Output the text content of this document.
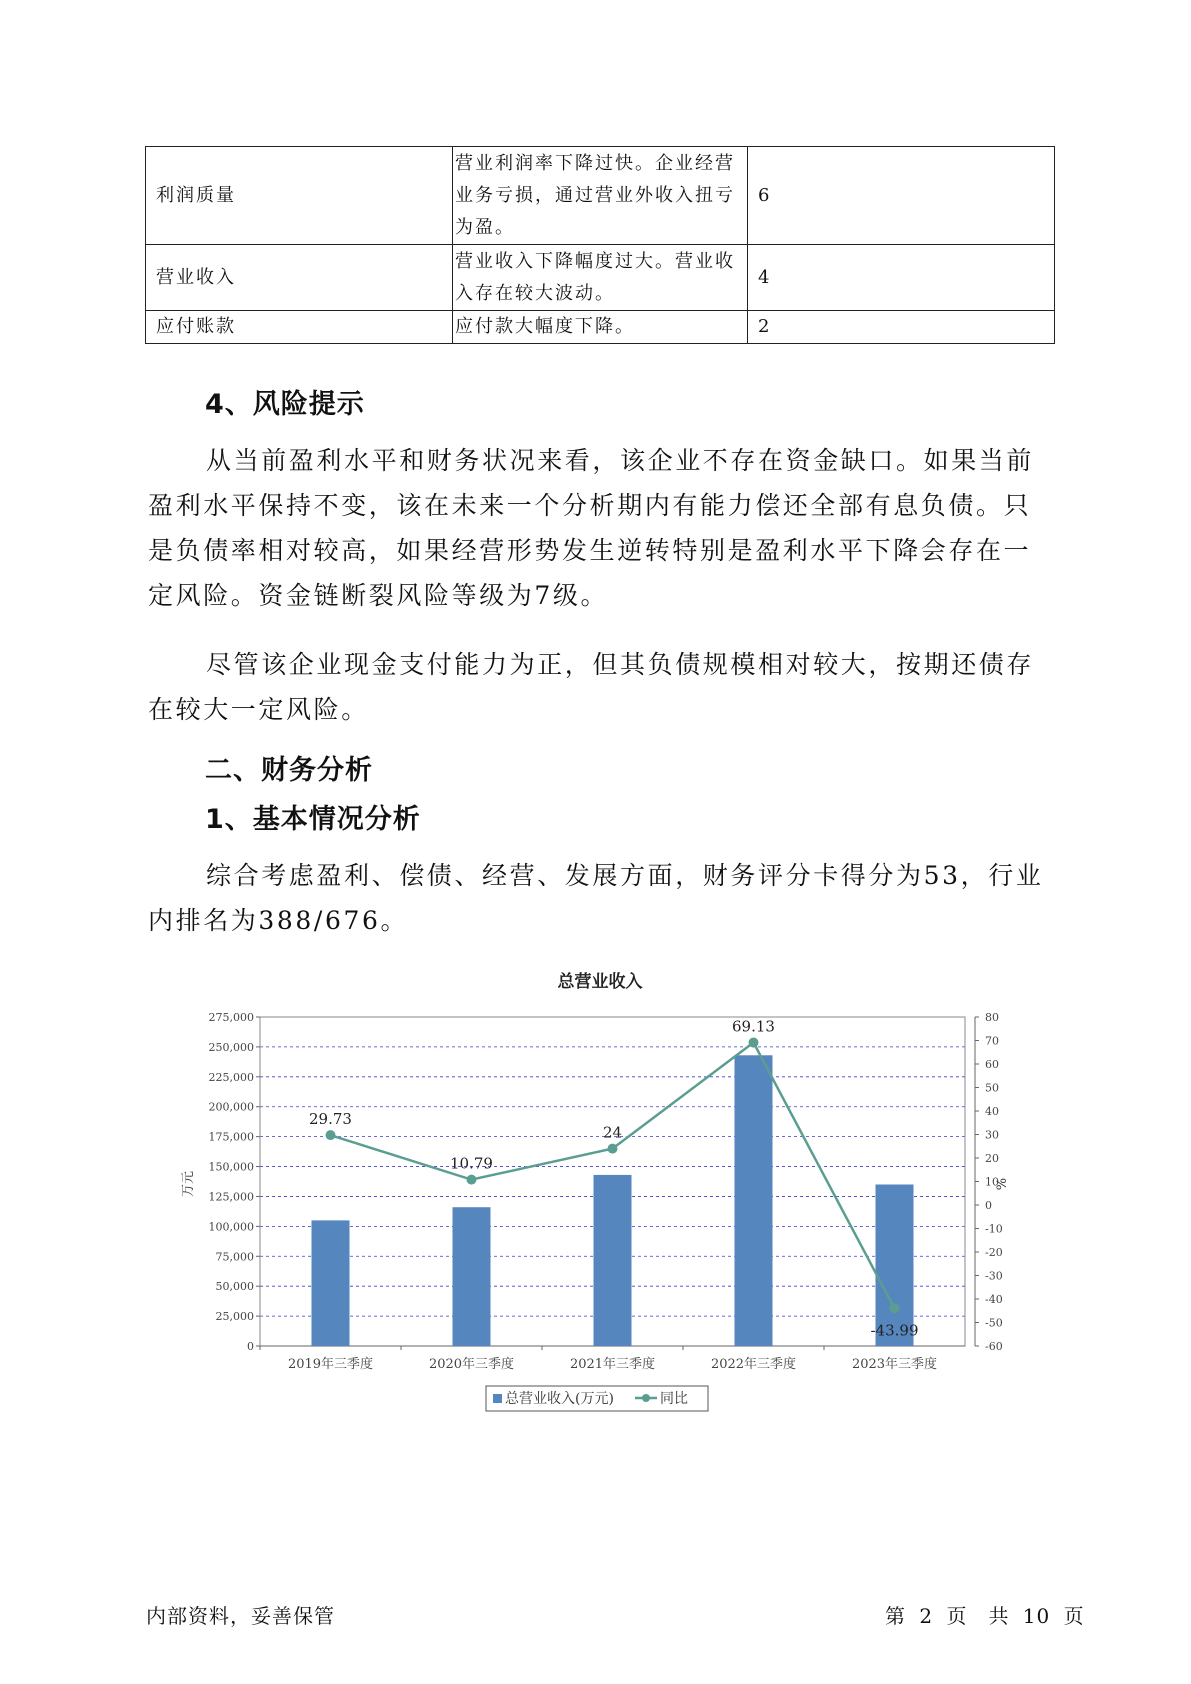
利润质量	营业利润率下降过快。企业经营业务亏损，通过营业外收入扭亏为盈。	6
营业收入	营业收入下降幅度过大。营业收入存在较大波动。	4
应付账款	应付款大幅度下降。	2
4、风险提示

从当前盈利水平和财务状况来看，该企业不存在资金缺口。如果当前盈利水平保持不变，该在未来一个分析期内有能力偿还全部有息负债。只是负债率相对较高，如果经营形势发生逆转特别是盈利水平下降会存在一定风险。资金链断裂风险等级为7级。

尽管该企业现金支付能力为正，但其负债规模相对较大，按期还债存在较大一定风险。

二、财务分析
1、基本情况分析

综合考虑盈利、偿债、经营、发展方面，财务评分卡得分为53，行业内排名为388/676。

总营业收入
0
25,000
50,000
75,000
100,000
125,000
150,000
175,000
200,000
225,000
250,000
275,000
-60
-50
-40
-30
-20
-10
0
10
20
30
40
50
60
70
80
2019年三季度	2020年三季度	2021年三季度	2022年三季度	2023年三季度
29.73
10.79
24
69.13
-43.99
万元	%
总营业收入(万元)	同比
内部资料，妥善保管	第 2 页　共 10 页
